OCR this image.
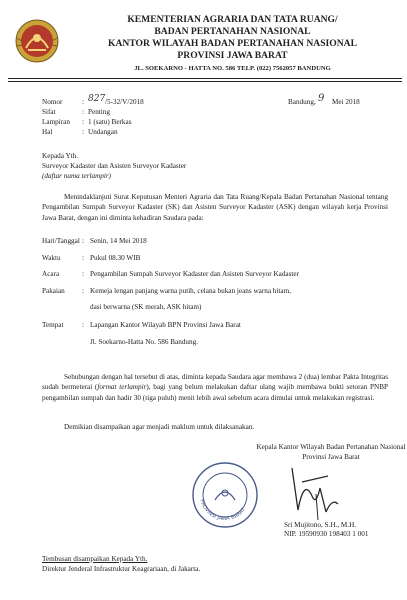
KEMENTERIAN AGRARIA DAN TATA RUANG/
BADAN PERTANAHAN NASIONAL
KANTOR WILAYAH BADAN PERTANAHAN NASIONAL
PROVINSI JAWA BARAT
JL. SOEKARNO - HATTA NO. 586 TELP. (022) 7562057 BANDUNG
Nomor	: 827 /5-32/V/2018
Sifat	: Penting
Lampiran : 1 (satu) Berkas
Hal	: Undangan
Bandung, 9 Mei 2018
Kepada Yth.
Surveyor Kadaster dan Asisten Surveyor Kadaster
(daftar nama terlampir)
Menindaklanjuti Surat Keputusan Menteri Agraria dan Tata Ruang/Kepala Badan Pertanahan Nasional tentang Pengambilan Sumpah Surveyor Kadaster (SK) dan Asisten Surveyor Kadaster (ASK) dengan wilayah kerja Provinsi Jawa Barat, dengan ini diminta kehadiran Saudara pada:
Hari/Tanggal	:	Senin, 14 Mei 2018

Waktu	:	Pukul 08.30 WIB

Acara	:	Pengambilan Sumpah Surveyor Kadaster dan Asisten Surveyor Kadaster

Pakaian	:	Kemeja lengan panjang warna putih, celana bukan jeans warna hitam,
dasi berwarna (SK merah, ASK hitam)

Tempat	:	Lapangan Kantor Wilayah BPN Provinsi Jawa Barat
Jl. Soekarno-Hatta No. 586 Bandung.
Sehubungan dengan hal tersebut di atas, diminta kepada Saudara agar membawa 2 (dua) lembar Pakta Integritas sudah bermeterai (format terlampir), bagi yang belum melakukan daftar ulang wajib membawa bukti setoran PNBP pengambilan sumpah dan hadir 30 (tiga puluh) menit lebih awal sebelum acara dimulai untuk melakukan registrasi.
Demikian disampaikan agar menjadi maklum untuk dilaksanakan.
Kepala Kantor Wilayah Badan Pertanahan Nasional
Provinsi Jawa Barat
PROVINSI JAWA BARAT
Sri Mujitono, S.H., M.H.
NIP. 19590930 198403 1 001
Tembusan disampaikan Kepada Yth.
Direktur Jenderal Infrastruktur Keagrariaan, di Jakarta.
